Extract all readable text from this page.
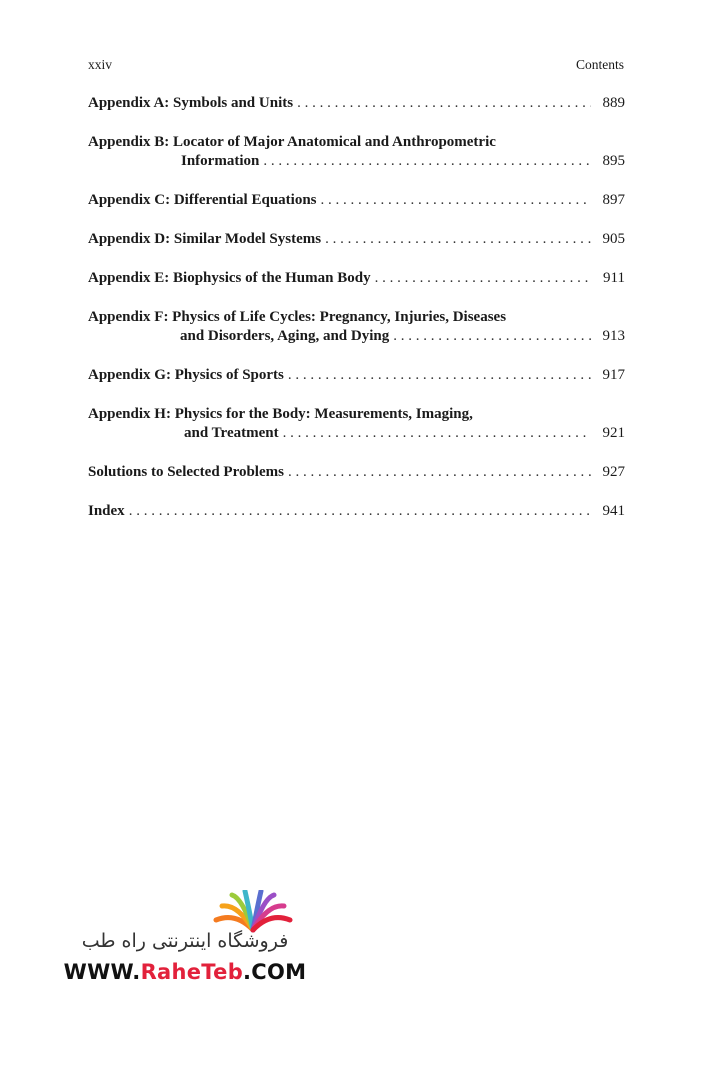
xxiv	Contents
Appendix A: Symbols and Units . . .	889
Appendix B: Locator of Major Anatomical and Anthropometric
Information . . .	895
Appendix C: Differential Equations . . .	897
Appendix D: Similar Model Systems . . .	905
Appendix E: Biophysics of the Human Body . . .	911
Appendix F: Physics of Life Cycles: Pregnancy, Injuries, Diseases
and Disorders, Aging, and Dying . . .	913
Appendix G: Physics of Sports . . .	917
Appendix H: Physics for the Body: Measurements, Imaging,
and Treatment . . .	921
Solutions to Selected Problems . . .	927
Index . . .	941
فروشگاه اینترنتی راه طب
WWW.RaheTeb.COM
